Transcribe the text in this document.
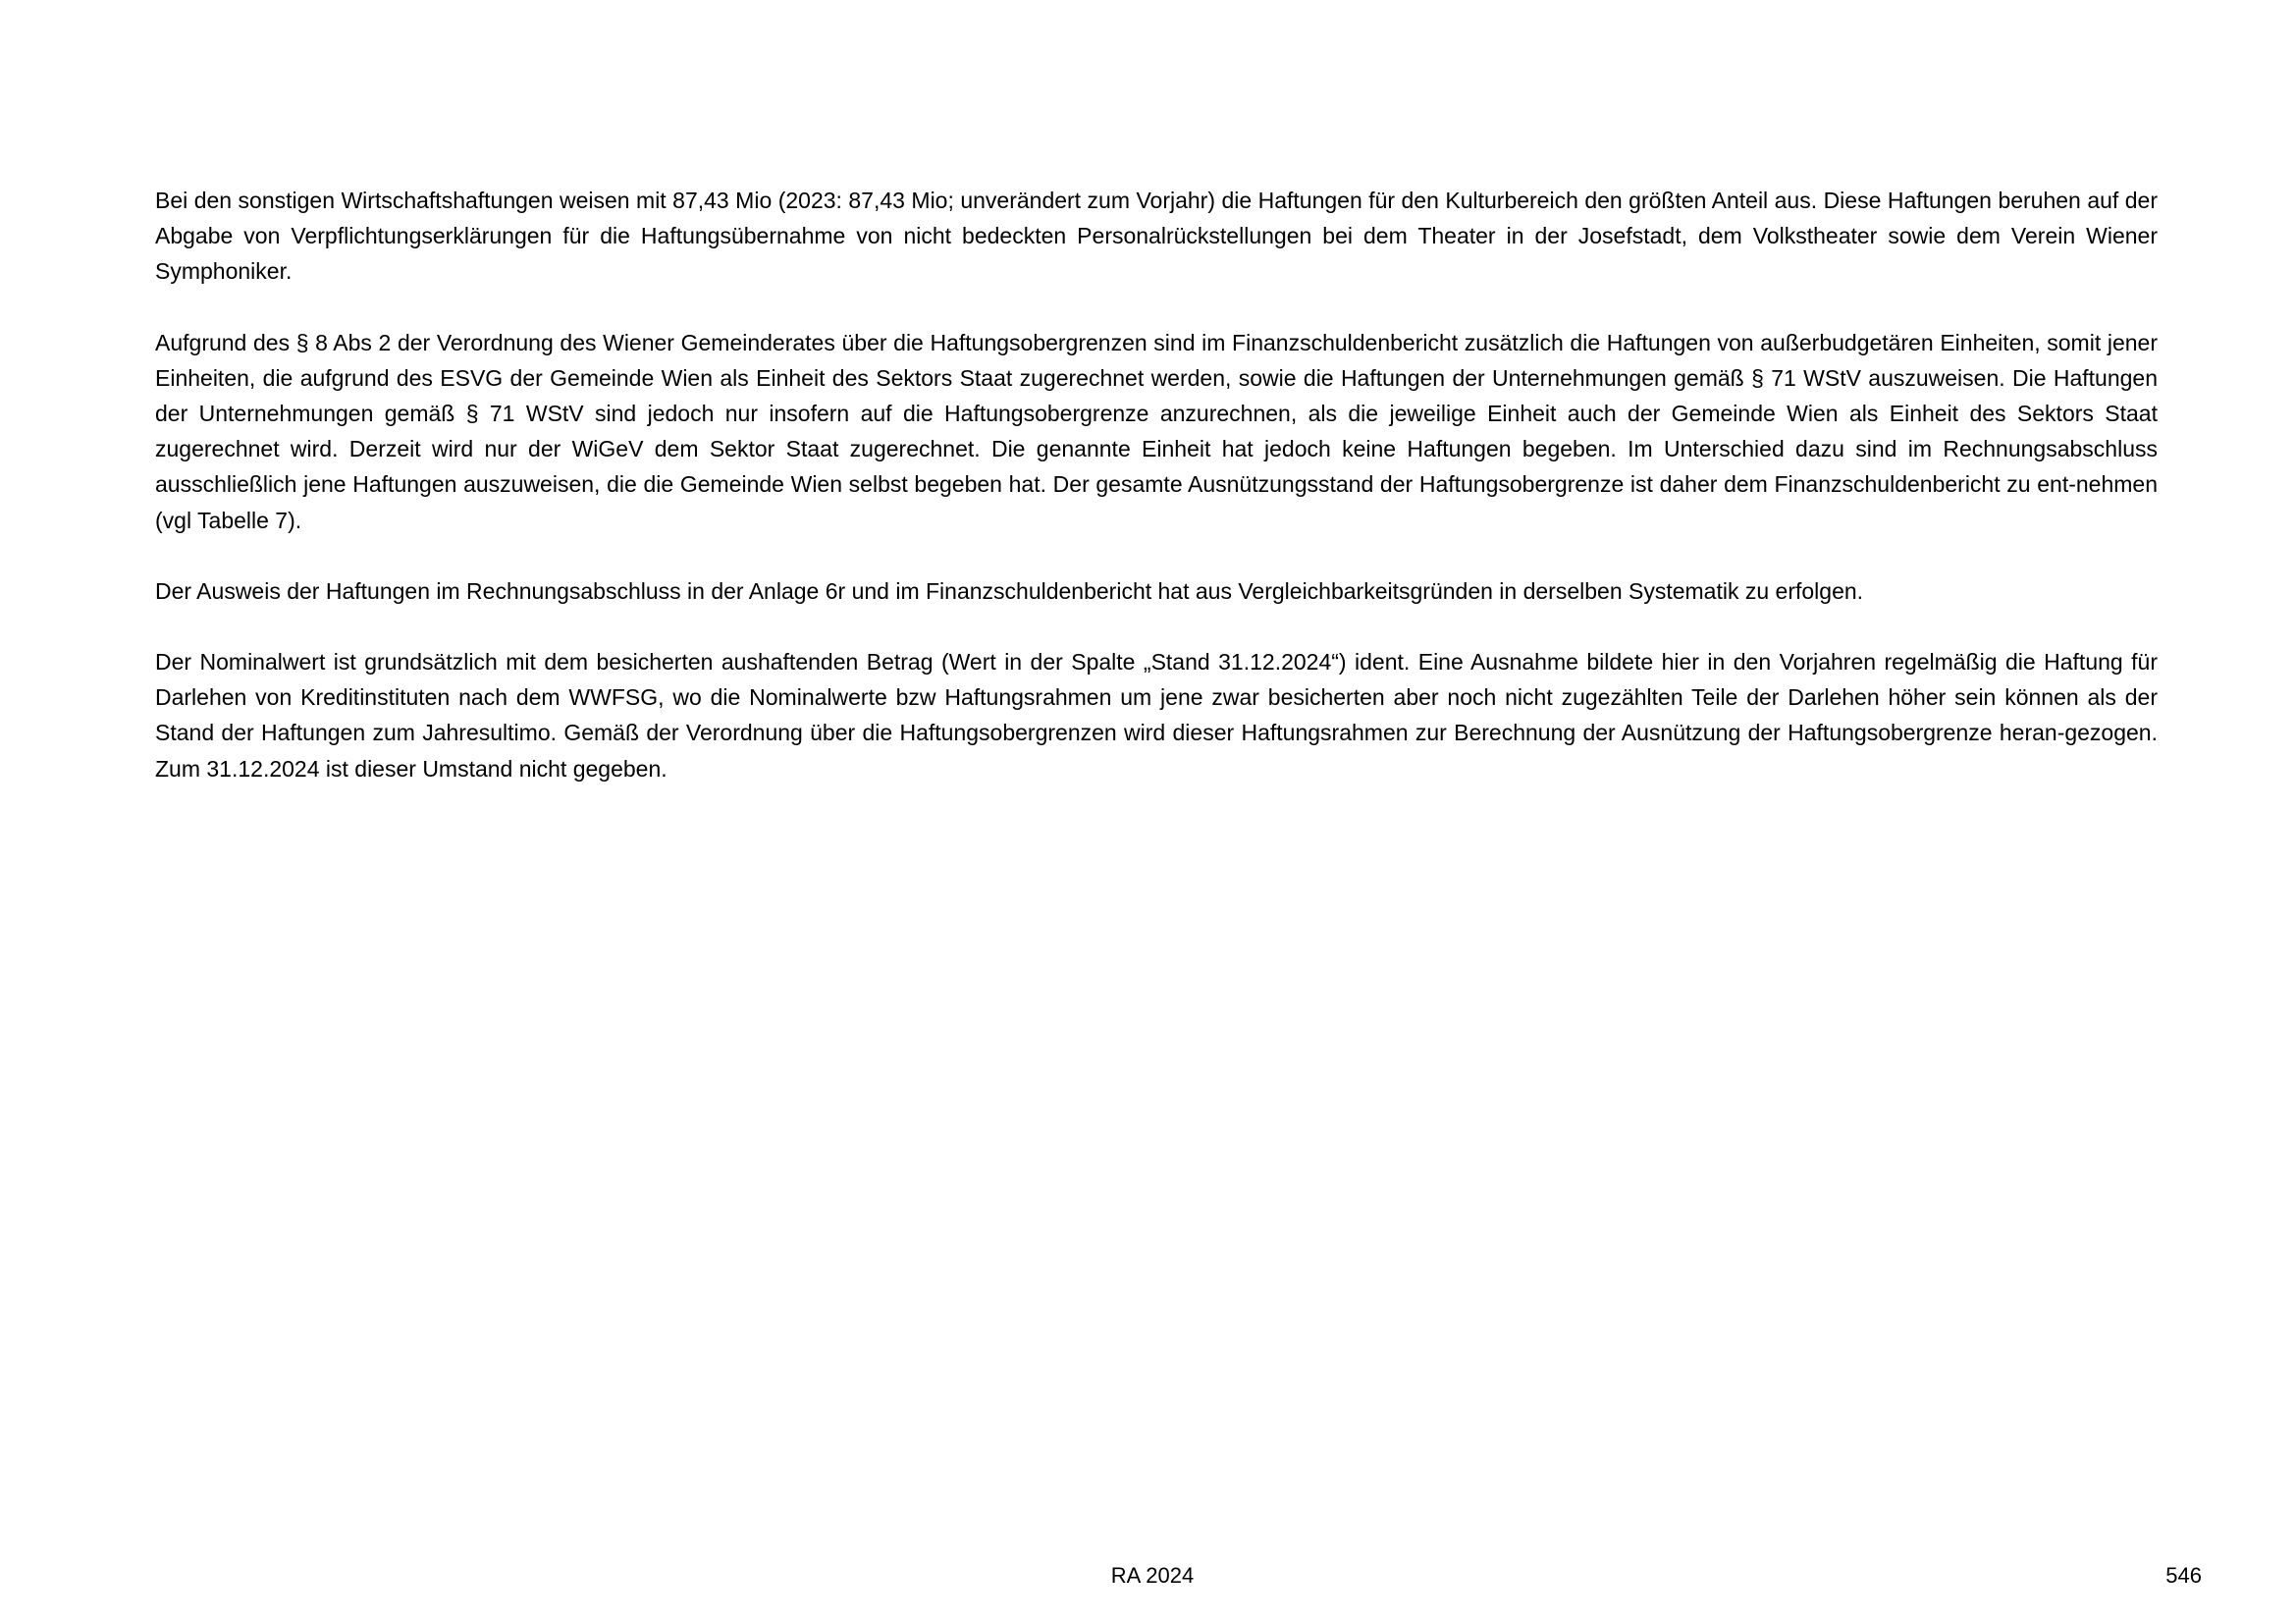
Bei den sonstigen Wirtschaftshaftungen weisen mit 87,43 Mio (2023: 87,43 Mio; unverändert zum Vorjahr) die Haftungen für den Kulturbereich den größten Anteil aus. Diese Haftungen beruhen auf der Abgabe von Verpflichtungserklärungen für die Haftungsübernahme von nicht bedeckten Personalrückstellungen bei dem Theater in der Josefstadt, dem Volkstheater sowie dem Verein Wiener Symphoniker.

Aufgrund des § 8 Abs 2 der Verordnung des Wiener Gemeinderates über die Haftungsobergrenzen sind im Finanzschuldenbericht zusätzlich die Haftungen von außerbudgetären Einheiten, somit jener Einheiten, die aufgrund des ESVG der Gemeinde Wien als Einheit des Sektors Staat zugerechnet werden, sowie die Haftungen der Unternehmungen gemäß § 71 WStV auszuweisen. Die Haftungen der Unternehmungen gemäß § 71 WStV sind jedoch nur insofern auf die Haftungsobergrenze anzurechnen, als die jeweilige Einheit auch der Gemeinde Wien als Einheit des Sektors Staat zugerechnet wird. Derzeit wird nur der WiGeV dem Sektor Staat zugerechnet. Die genannte Einheit hat jedoch keine Haftungen begeben. Im Unterschied dazu sind im Rechnungsabschluss ausschließlich jene Haftungen auszuweisen, die die Gemeinde Wien selbst begeben hat. Der gesamte Ausnützungsstand der Haftungsobergrenze ist daher dem Finanzschuldenbericht zu ent-nehmen (vgl Tabelle 7).

Der Ausweis der Haftungen im Rechnungsabschluss in der Anlage 6r und im Finanzschuldenbericht hat aus Vergleichbarkeitsgründen in derselben Systematik zu erfolgen.

Der Nominalwert ist grundsätzlich mit dem besicherten aushaftenden Betrag (Wert in der Spalte „Stand 31.12.2024“) ident. Eine Ausnahme bildete hier in den Vorjahren regelmäßig die Haftung für Darlehen von Kreditinstituten nach dem WWFSG, wo die Nominalwerte bzw Haftungsrahmen um jene zwar besicherten aber noch nicht zugezählten Teile der Darlehen höher sein können als der Stand der Haftungen zum Jahresultimo. Gemäß der Verordnung über die Haftungsobergrenzen wird dieser Haftungsrahmen zur Berechnung der Ausnützung der Haftungsobergrenze heran-gezogen. Zum 31.12.2024 ist dieser Umstand nicht gegeben.

RA 2024	546
